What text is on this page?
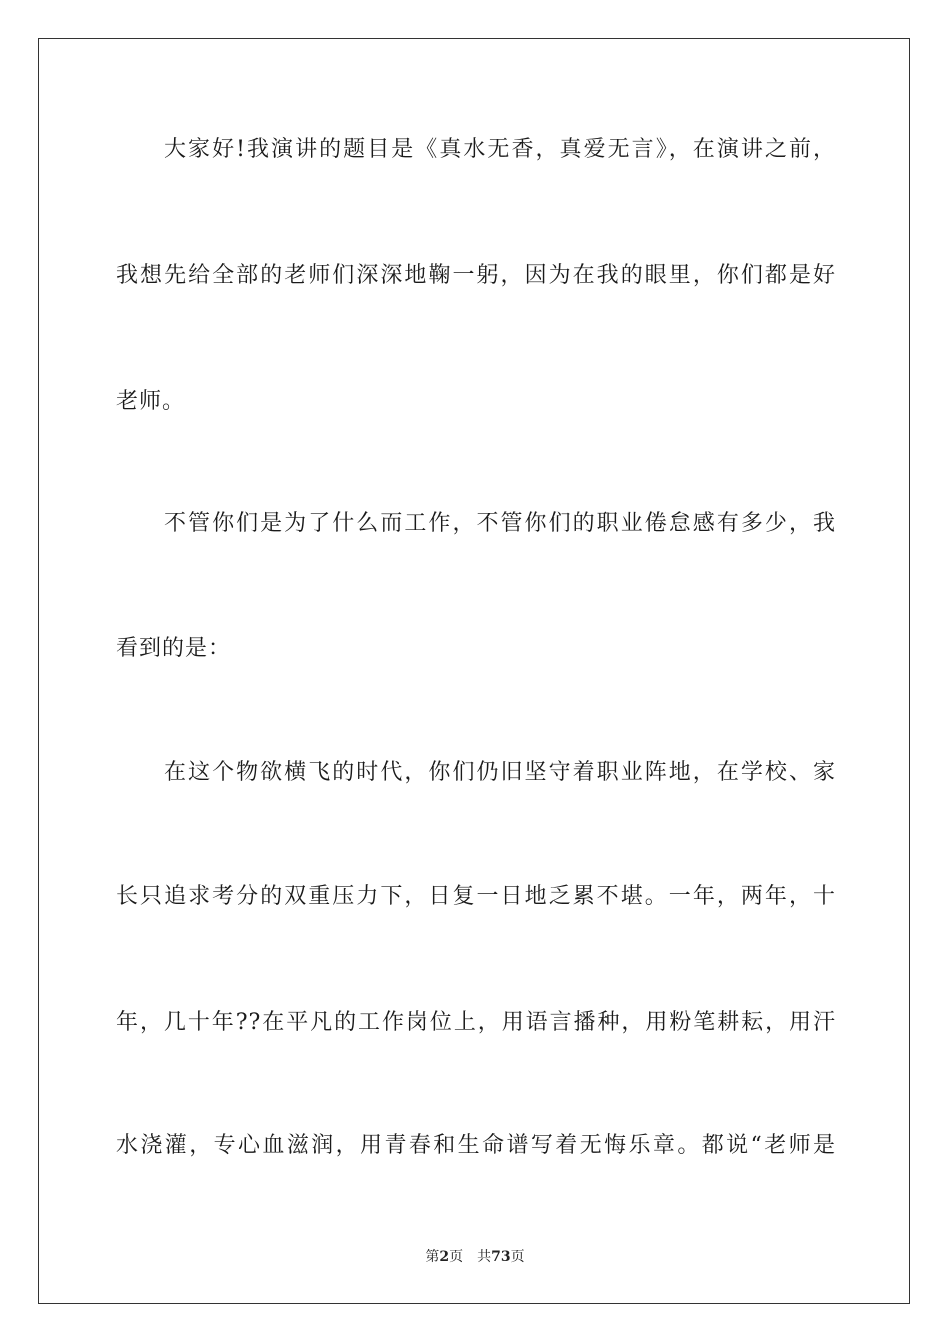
大家好!我演讲的题目是《真水无香，真爱无言》，在演讲之前，
我想先给全部的老师们深深地鞠一躬，因为在我的眼里，你们都是好
老师。
不管你们是为了什么而工作，不管你们的职业倦怠感有多少，我
看到的是：
在这个物欲横飞的时代，你们仍旧坚守着职业阵地，在学校、家
长只追求考分的双重压力下，日复一日地乏累不堪。一年，两年，十
年，几十年??在平凡的工作岗位上，用语言播种，用粉笔耕耘，用汗
水浇灌，专心血滋润，用青春和生命谱写着无悔乐章。都说“老师是
第2页 共73页
